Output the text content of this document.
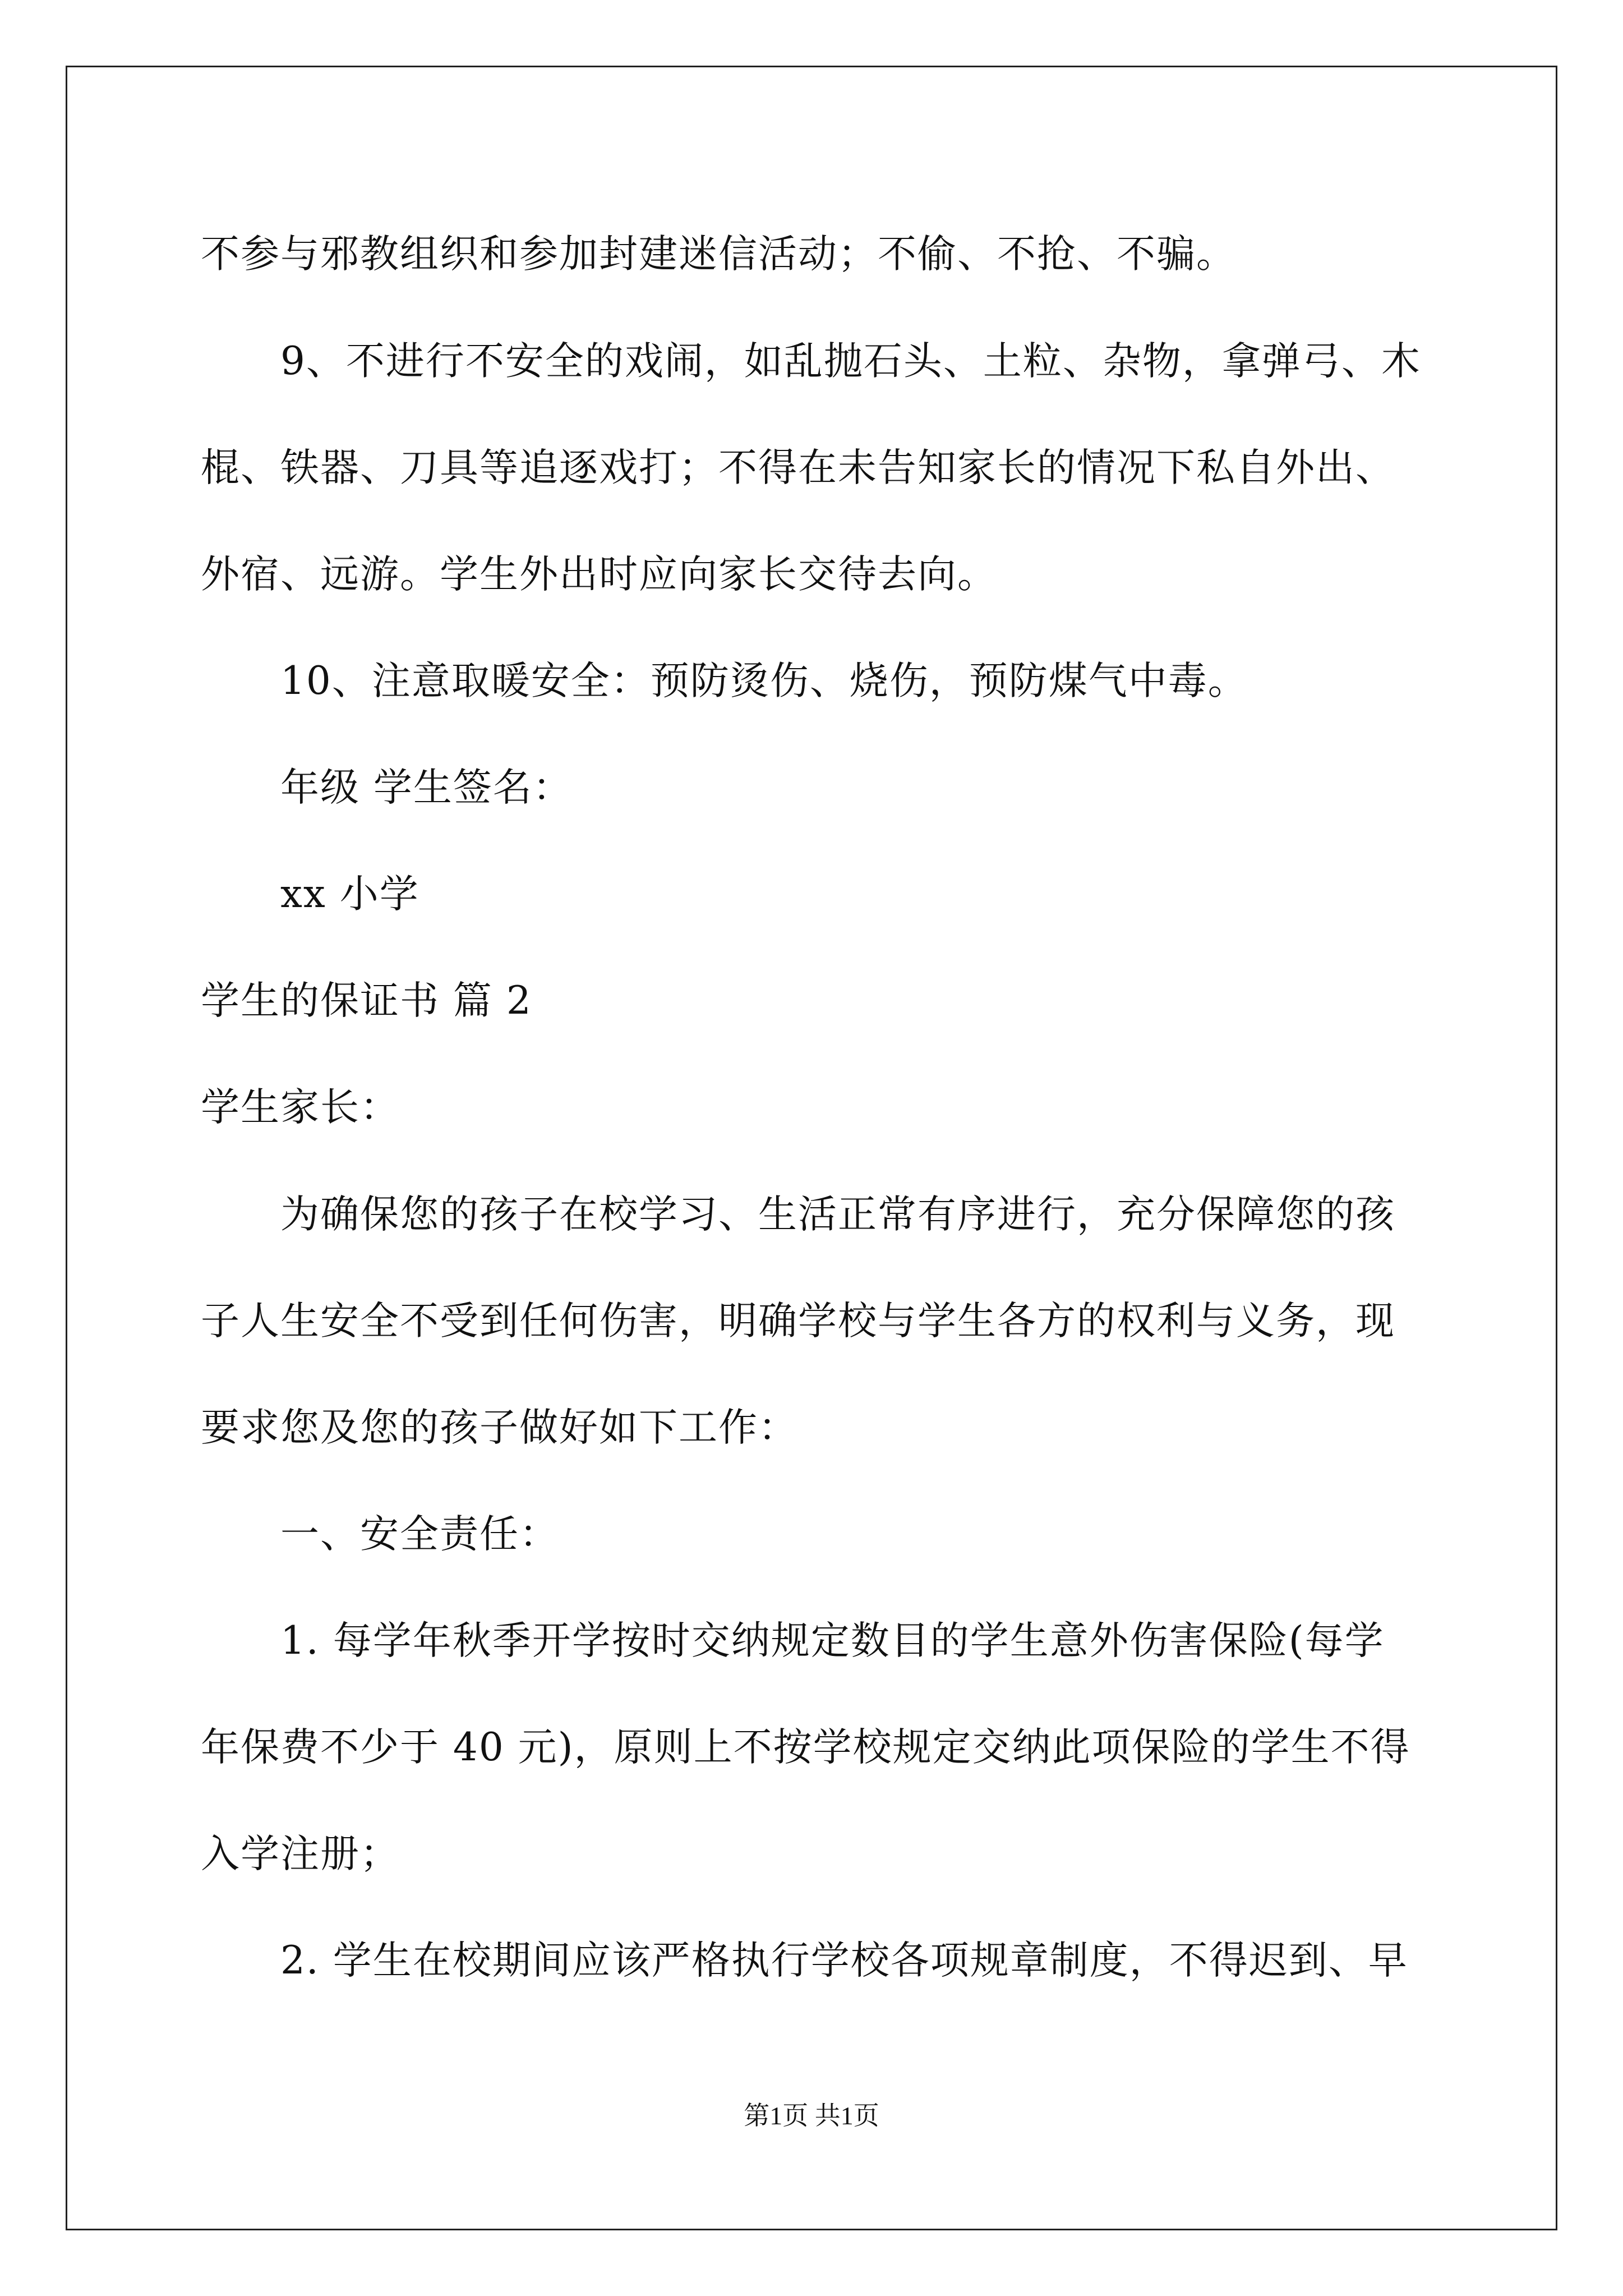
不参与邪教组织和参加封建迷信活动；不偷、不抢、不骗。
9、不进行不安全的戏闹，如乱抛石头、土粒、杂物，拿弹弓、木
棍、铁器、刀具等追逐戏打；不得在未告知家长的情况下私自外出、
外宿、远游。学生外出时应向家长交待去向。
10、注意取暖安全：预防烫伤、烧伤，预防煤气中毒。
年级 学生签名：
xx 小学
学生的保证书 篇 2
学生家长：
为确保您的孩子在校学习、生活正常有序进行，充分保障您的孩
子人生安全不受到任何伤害，明确学校与学生各方的权利与义务，现
要求您及您的孩子做好如下工作：
一、安全责任：
1. 每学年秋季开学按时交纳规定数目的学生意外伤害保险(每学
年保费不少于 40 元)，原则上不按学校规定交纳此项保险的学生不得
入学注册；
2. 学生在校期间应该严格执行学校各项规章制度，不得迟到、早
第1页 共1页
